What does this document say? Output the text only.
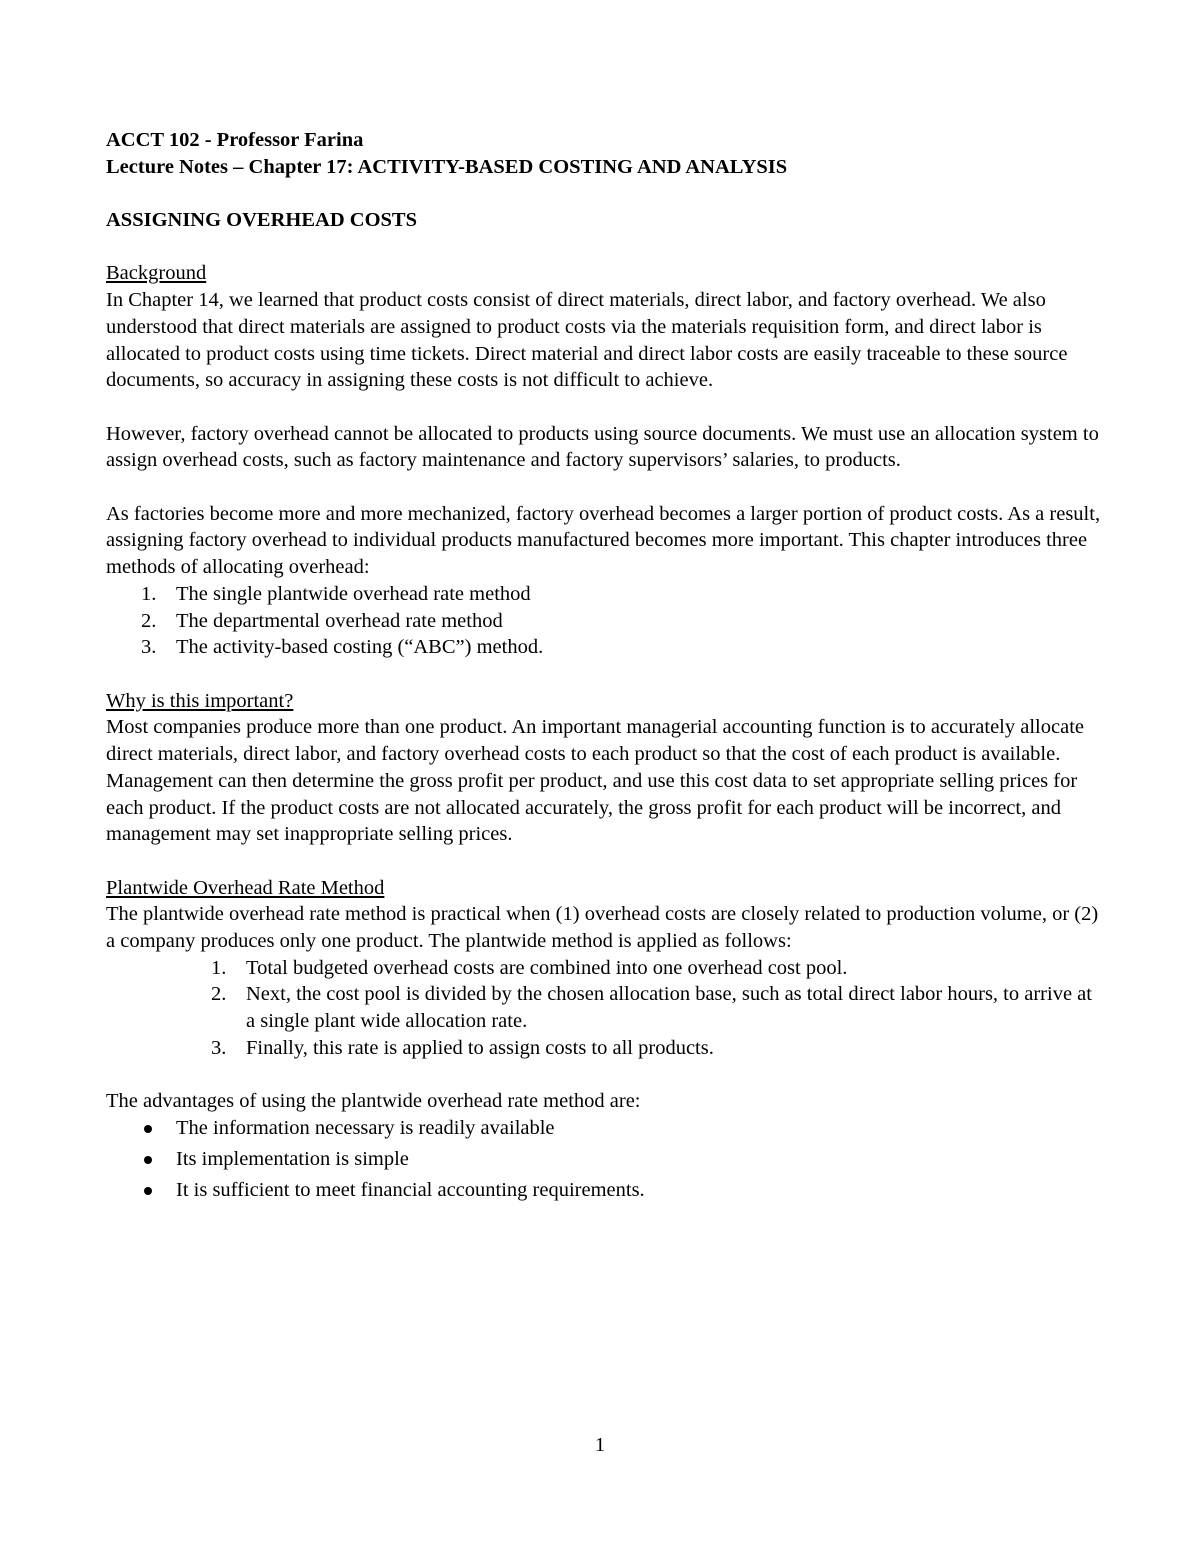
ACCT 102 - Professor Farina

Lecture Notes – Chapter 17: ACTIVITY-BASED COSTING AND ANALYSIS

ASSIGNING OVERHEAD COSTS

Background

In Chapter 14, we learned that product costs consist of direct materials, direct labor, and factory overhead. We also understood that direct materials are assigned to product costs via the materials requisition form, and direct labor is allocated to product costs using time tickets. Direct material and direct labor costs are easily traceable to these source documents, so accuracy in assigning these costs is not difficult to achieve.

However, factory overhead cannot be allocated to products using source documents. We must use an allocation system to assign overhead costs, such as factory maintenance and factory supervisors’ salaries, to products.

As factories become more and more mechanized, factory overhead becomes a larger portion of product costs. As a result, assigning factory overhead to individual products manufactured becomes more important. This chapter introduces three methods of allocating overhead:

1. The single plantwide overhead rate method
2. The departmental overhead rate method
3. The activity-based costing (“ABC”) method.

Why is this important?

Most companies produce more than one product. An important managerial accounting function is to accurately allocate direct materials, direct labor, and factory overhead costs to each product so that the cost of each product is available. Management can then determine the gross profit per product, and use this cost data to set appropriate selling prices for each product. If the product costs are not allocated accurately, the gross profit for each product will be incorrect, and management may set inappropriate selling prices.

Plantwide Overhead Rate Method

The plantwide overhead rate method is practical when (1) overhead costs are closely related to production volume, or (2) a company produces only one product. The plantwide method is applied as follows:

1. Total budgeted overhead costs are combined into one overhead cost pool.
2. Next, the cost pool is divided by the chosen allocation base, such as total direct labor hours, to arrive at a single plant wide allocation rate.
3. Finally, this rate is applied to assign costs to all products.

The advantages of using the plantwide overhead rate method are:

The information necessary is readily available
Its implementation is simple
It is sufficient to meet financial accounting requirements.
1
